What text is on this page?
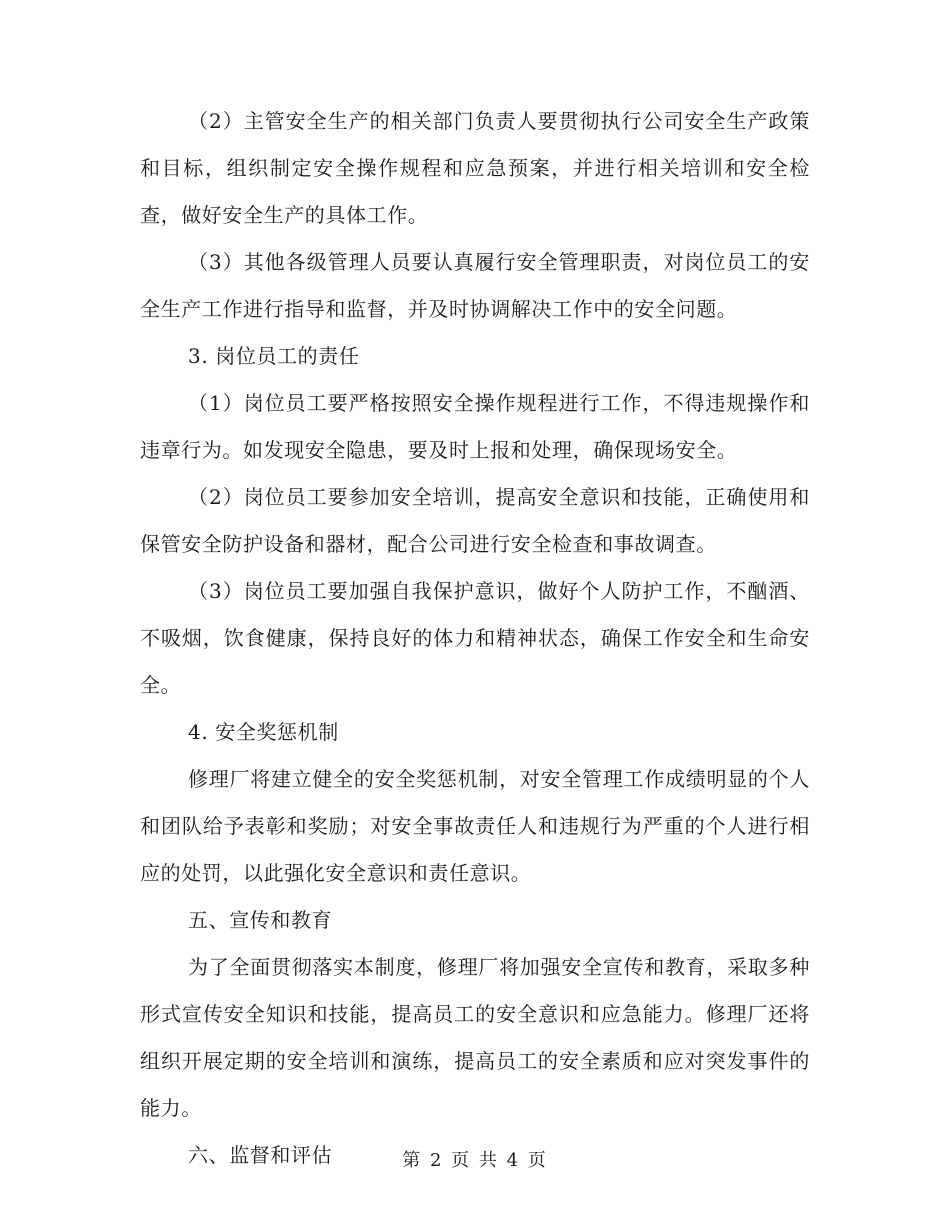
（2）主管安全生产的相关部门负责人要贯彻执行公司安全生产政策和目标，组织制定安全操作规程和应急预案，并进行相关培训和安全检查，做好安全生产的具体工作。

（3）其他各级管理人员要认真履行安全管理职责，对岗位员工的安全生产工作进行指导和监督，并及时协调解决工作中的安全问题。

3. 岗位员工的责任

（1）岗位员工要严格按照安全操作规程进行工作，不得违规操作和违章行为。如发现安全隐患，要及时上报和处理，确保现场安全。

（2）岗位员工要参加安全培训，提高安全意识和技能，正确使用和保管安全防护设备和器材，配合公司进行安全检查和事故调查。

（3）岗位员工要加强自我保护意识，做好个人防护工作，不酗酒、不吸烟，饮食健康，保持良好的体力和精神状态，确保工作安全和生命安全。

4. 安全奖惩机制

修理厂将建立健全的安全奖惩机制，对安全管理工作成绩明显的个人和团队给予表彰和奖励；对安全事故责任人和违规行为严重的个人进行相应的处罚，以此强化安全意识和责任意识。

五、宣传和教育

为了全面贯彻落实本制度，修理厂将加强安全宣传和教育，采取多种形式宣传安全知识和技能，提高员工的安全意识和应急能力。修理厂还将组织开展定期的安全培训和演练，提高员工的安全素质和应对突发事件的能力。

六、监督和评估	第 2 页 共 4 页
